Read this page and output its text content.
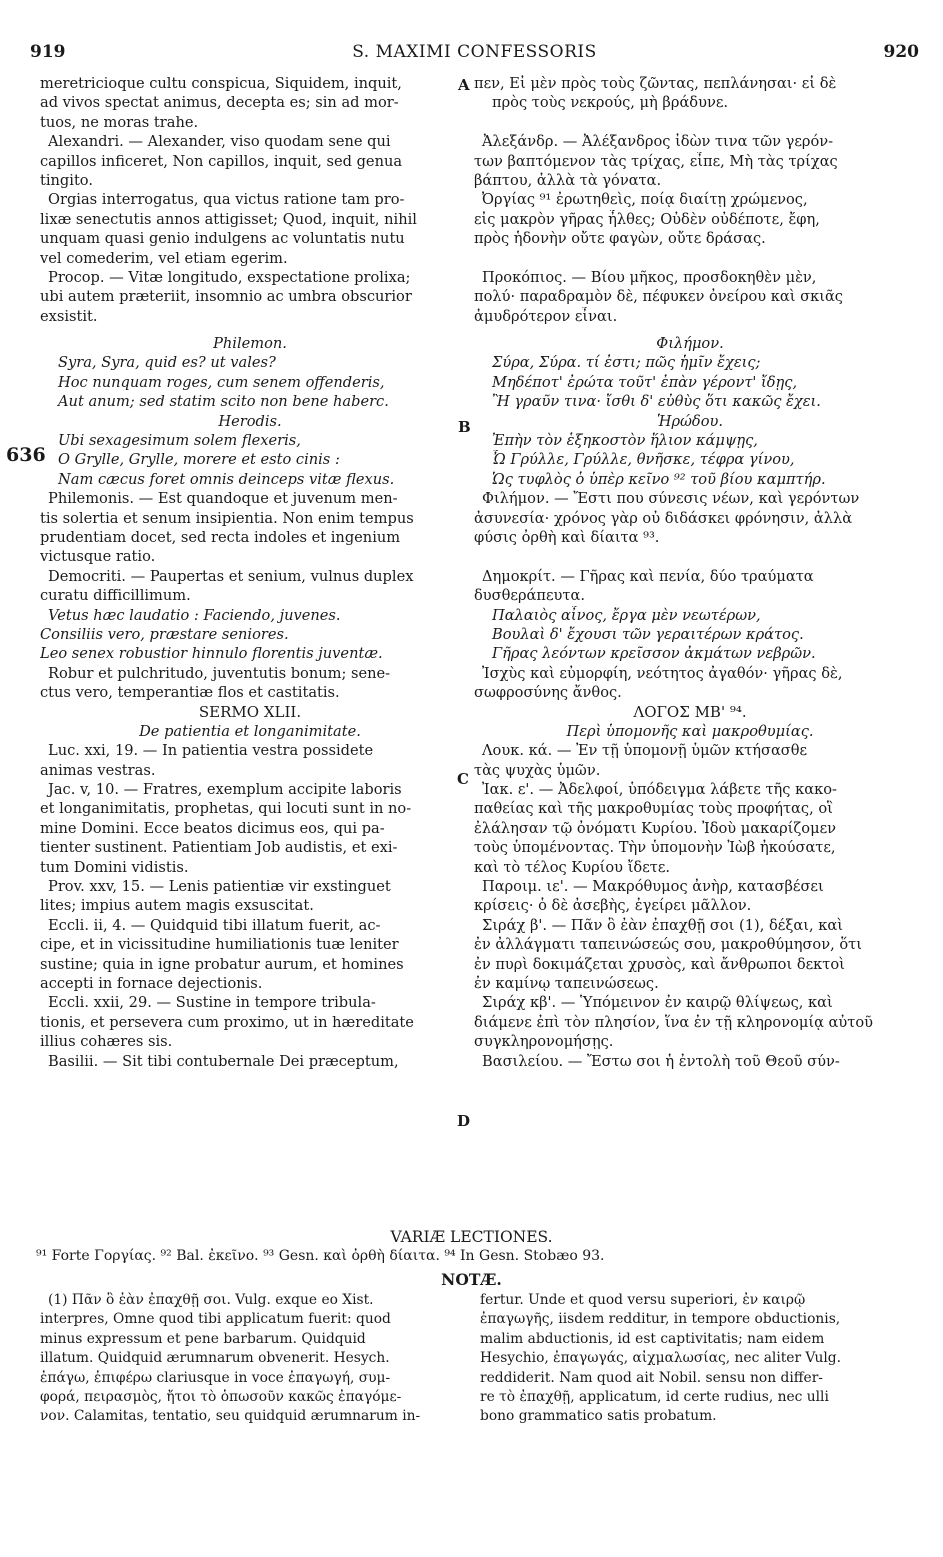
919	S. MAXIMI CONFESSORIS	920
A
B
C
D
636
meretricioque cultu conspicua, Siquidem, inquit,
ad vivos spectat animus, decepta es; sin ad mor-
tuos, ne moras trahe.
Alexandri. — Alexander, viso quodam sene qui
capillos inficeret, Non capillos, inquit, sed genua
tingito.
Orgias interrogatus, qua victus ratione tam pro-
lixæ senectutis annos attigisset; Quod, inquit, nihil
unquam quasi genio indulgens ac voluntatis nutu
vel comederim, vel etiam egerim.
Procop. — Vitæ longitudo, exspectatione prolixa;
ubi autem præteriit, insomnio ac umbra obscurior
exsistit.
Philemon.
Syra, Syra, quid es? ut vales?
Hoc nunquam roges, cum senem offenderis,
Aut anum; sed statim scito non bene haberc.
Herodis.
Ubi sexagesimum solem flexeris,
O Grylle, Grylle, morere et esto cinis :
Nam cæcus foret omnis deinceps vitæ flexus.
Philemonis. — Est quandoque et juvenum men-
tis solertia et senum insipientia. Non enim tempus
prudentiam docet, sed recta indoles et ingenium
victusque ratio.
Democriti. — Paupertas et senium, vulnus duplex
curatu difficillimum.
Vetus hæc laudatio : Faciendo, juvenes.
Consiliis vero, præstare seniores.
Leo senex robustior hinnulo florentis juventæ.
Robur et pulchritudo, juventutis bonum; sene-
ctus vero, temperantiæ flos et castitatis.
SERMO XLII.
De patientia et longanimitate.
Luc. xxi, 19. — In patientia vestra possidete
animas vestras.
Jac. v, 10. — Fratres, exemplum accipite laboris
et longanimitatis, prophetas, qui locuti sunt in no-
mine Domini. Ecce beatos dicimus eos, qui pa-
tienter sustinent. Patientiam Job audistis, et exi-
tum Domini vidistis.
Prov. xxv, 15. — Lenis patientiæ vir exstinguet
lites; impius autem magis exsuscitat.
Eccli. ii, 4. — Quidquid tibi illatum fuerit, ac-
cipe, et in vicissitudine humiliationis tuæ leniter
sustine; quia in igne probatur aurum, et homines
accepti in fornace dejectionis.
Eccli. xxii, 29. — Sustine in tempore tribula-
tionis, et persevera cum proximo, ut in hæreditate
illius cohæres sis.
Basilii. — Sit tibi contubernale Dei præceptum,
πεν, Εἰ μὲν πρὸς τοὺς ζῶντας, πεπλάνησαι· εἰ δὲ
πρὸς τοὺς νεκρούς, μὴ βράδυνε.
Ἀλεξάνδρ. — Ἀλέξανδρος ἰδὼν τινα τῶν γερόν-
των βαπτόμενον τὰς τρίχας, εἶπε, Μὴ τὰς τρίχας
βάπτου, ἀλλὰ τὰ γόνατα.
Ὀργίας ⁹¹ ἐρωτηθεὶς, ποίᾳ διαίτῃ χρώμενος,
εἰς μακρὸν γῆρας ἦλθες; Οὐδὲν οὐδέποτε, ἔφη,
πρὸς ἡδονὴν οὔτε φαγὼν, οὔτε δράσας.
Προκόπιος. — Βίου μῆκος, προσδοκηθὲν μὲν,
πολύ· παραδραμὸν δὲ, πέφυκεν ὀνείρου καὶ σκιᾶς
ἀμυδρότερον εἶναι.
Φιλήμον.
Σύρα, Σύρα. τί ἐστι; πῶς ἡμῖν ἔχεις;
Μηδέποτ' ἐρώτα τοῦτ' ἐπὰν γέροντ' ἴδῃς,
Ἢ γραῦν τινα· ἴσθι δ' εὐθὺς ὅτι κακῶς ἔχει.
Ἡρώδου.
Ἐπὴν τὸν ἑξηκοστὸν ἥλιον κάμψῃς,
Ὦ Γρύλλε, Γρύλλε, θνῆσκε, τέφρα γίνου,
Ὡς τυφλὸς ὁ ὑπὲρ κεῖνο ⁹² τοῦ βίου καμπτήρ.
Φιλήμον. — Ἔστι που σύνεσις νέων, καὶ γερόντων
ἀσυνεσία· χρόνος γὰρ οὐ διδάσκει φρόνησιν, ἀλλὰ
φύσις ὀρθὴ καὶ δίαιτα ⁹³.
Δημοκρίτ. — Γῆρας καὶ πενία, δύο τραύματα
δυσθεράπευτα.
Παλαιὸς αἶνος, ἔργα μὲν νεωτέρων,
Βουλαὶ δ' ἔχουσι τῶν γεραιτέρων κράτος.
Γῆρας λεόντων κρεῖσσον ἀκμάτων νεβρῶν.
Ἰσχὺς καὶ εὐμορφίη, νεότητος ἀγαθόν· γῆρας δὲ,
σωφροσύνης ἄνθος.
ΛΟΓΟΣ ΜΒ' ⁹⁴.
Περὶ ὑπομονῆς καὶ μακροθυμίας.
Λουκ. κά. — Ἐν τῇ ὑπομονῇ ὑμῶν κτήσασθε
τὰς ψυχὰς ὑμῶν.
Ἰακ. ε'. — Ἀδελφοί, ὑπόδειγμα λάβετε τῆς κακο-
παθείας καὶ τῆς μακροθυμίας τοὺς προφήτας, οἳ
ἐλάλησαν τῷ ὀνόματι Κυρίου. Ἰδοὺ μακαρίζομεν
τοὺς ὑπομένοντας. Τὴν ὑπομονὴν Ἰὼβ ἠκούσατε,
καὶ τὸ τέλος Κυρίου ἴδετε.
Παροιμ. ιε'. — Μακρόθυμος ἀνὴρ, κατασβέσει
κρίσεις· ὁ δὲ ἀσεβὴς, ἐγείρει μᾶλλον.
Σιράχ β'. — Πᾶν ὃ ἐὰν ἐπαχθῇ σοι (1), δέξαι, καὶ
ἐν ἀλλάγματι ταπεινώσεώς σου, μακροθύμησον, ὅτι
ἐν πυρὶ δοκιμάζεται χρυσὸς, καὶ ἄνθρωποι δεκτοὶ
ἐν καμίνῳ ταπεινώσεως.
Σιράχ κβ'. — Ὑπόμεινον ἐν καιρῷ θλίψεως, καὶ
διάμενε ἐπὶ τὸν πλησίον, ἵνα ἐν τῇ κληρονομίᾳ αὐτοῦ
συγκληρονομήσῃς.
Βασιλείου. — Ἔστω σοι ἡ ἐντολὴ τοῦ Θεοῦ σύν-
VARIÆ LECTIONES.
⁹¹ Forte Γοργίας. ⁹² Bal. ἐκεῖνο. ⁹³ Gesn. καὶ ὀρθὴ δίαιτα. ⁹⁴ In Gesn. Stobæo 93.
NOTÆ.
(1) Πᾶν ὃ ἐὰν ἐπαχθῇ σοι. Vulg. exque eo Xist.
interpres, Omne quod tibi applicatum fuerit: quod
minus expressum et pene barbarum. Quidquid
illatum. Quidquid ærumnarum obvenerit. Hesych.
ἐπάγω, ἐπιφέρω clariusque in voce ἐπαγωγή, συμ-
φορά, πειρασμὸς, ἤτοι τὸ ὁπωσοῦν κακῶς ἐπαγόμε-
νον. Calamitas, tentatio, seu quidquid ærumnarum in-
fertur. Unde et quod versu superiori, ἐν καιρῷ
ἐπαγωγῆς, iisdem redditur, in tempore obductionis,
malim abductionis, id est captivitatis; nam eidem
Hesychio, ἐπαγωγάς, αἰχμαλωσίας, nec aliter Vulg.
reddiderit. Nam quod ait Nobil. sensu non differ-
re τὸ ἐπαχθῇ, applicatum, id certe rudius, nec ulli
bono grammatico satis probatum.
